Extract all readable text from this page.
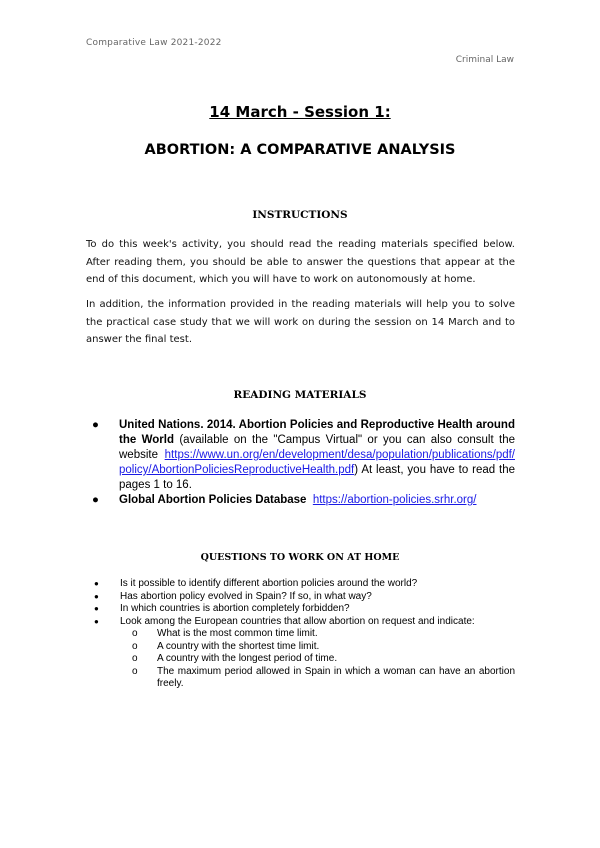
Comparative Law 2021-2022
Criminal Law
14 March - Session 1:
ABORTION: A COMPARATIVE ANALYSIS
INSTRUCTIONS
To do this week's activity, you should read the reading materials specified below. After reading them, you should be able to answer the questions that appear at the end of this document, which you will have to work on autonomously at home.
In addition, the information provided in the reading materials will help you to solve the practical case study that we will work on during the session on 14 March and to answer the final test.
READING MATERIALS
● United Nations. 2014. Abortion Policies and Reproductive Health around the World (available on the "Campus Virtual" or you can also consult the website https://www.un.org/en/development/desa/population/publications/pdf/policy/AbortionPoliciesReproductiveHealth.pdf) At least, you have to read the pages 1 to 16.
● Global Abortion Policies Database https://abortion-policies.srhr.org/
QUESTIONS TO WORK ON AT HOME
● Is it possible to identify different abortion policies around the world?
● Has abortion policy evolved in Spain? If so, in what way?
● In which countries is abortion completely forbidden?
● Look among the European countries that allow abortion on request and indicate:
o What is the most common time limit.
o A country with the shortest time limit.
o A country with the longest period of time.
o The maximum period allowed in Spain in which a woman can have an abortion freely.
